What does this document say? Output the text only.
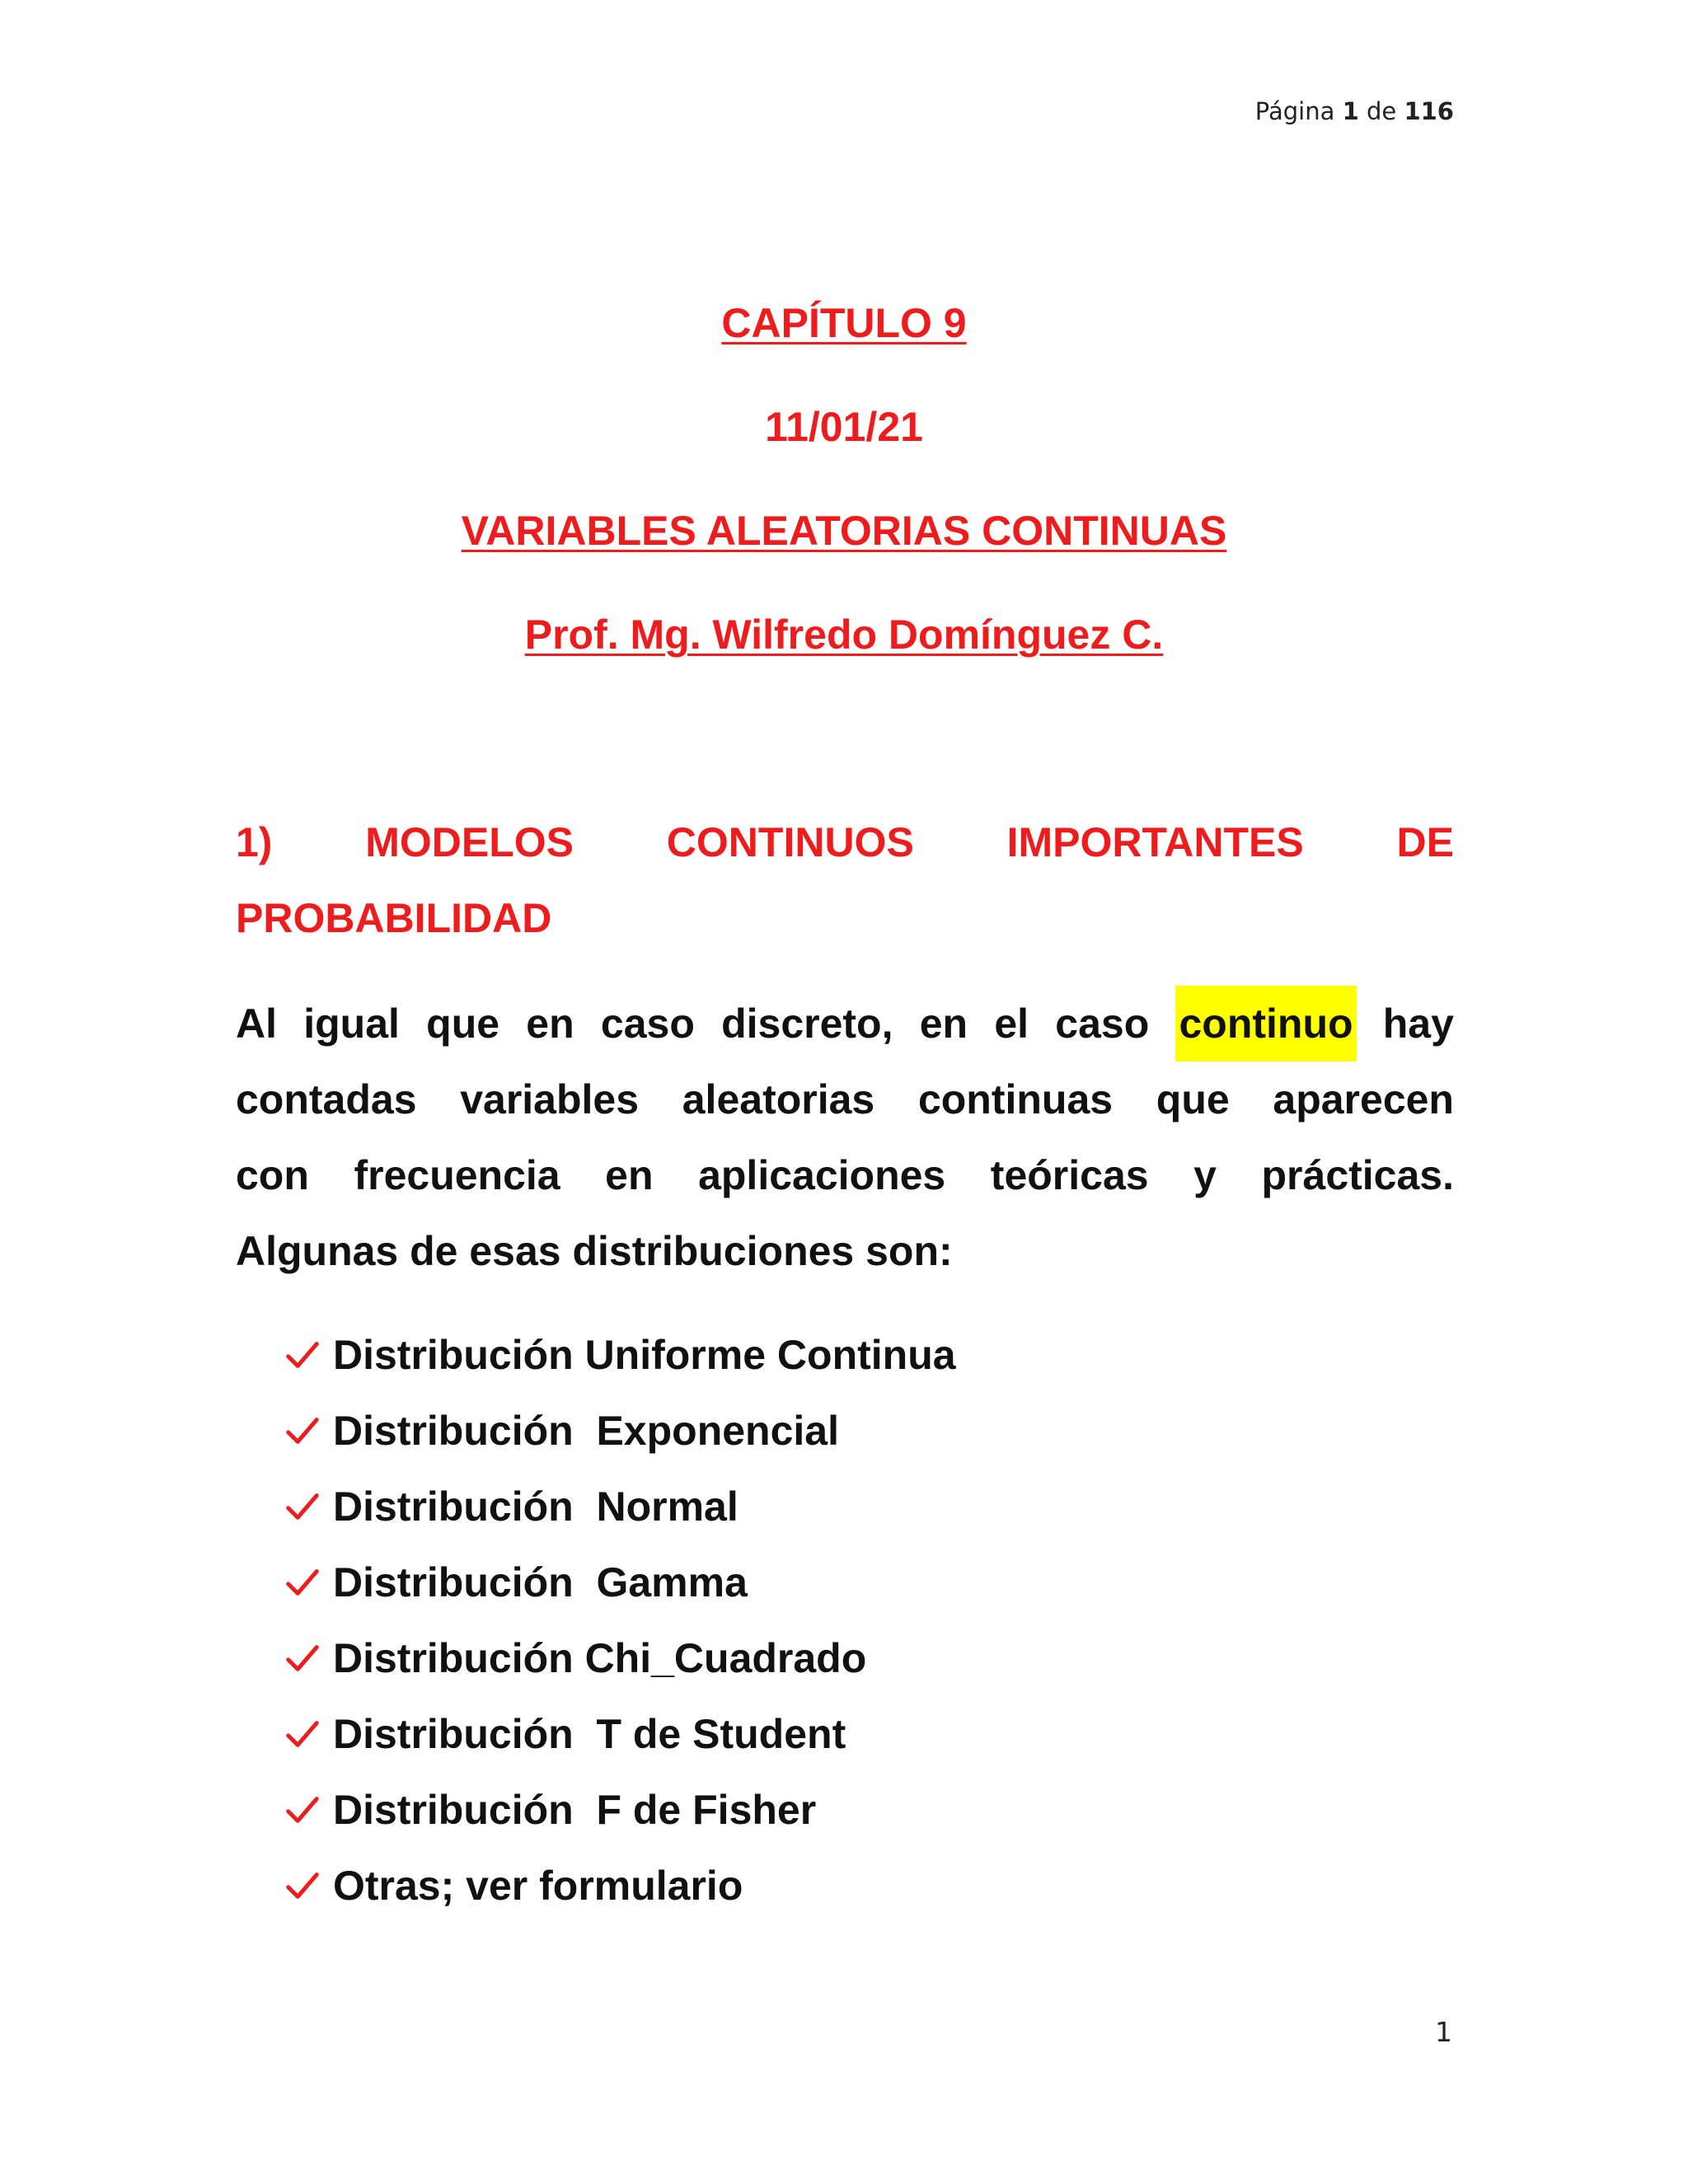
Página 1 de 116
CAPÍTULO 9
11/01/21
VARIABLES ALEATORIAS CONTINUAS
Prof. Mg. Wilfredo Domínguez C.
1) MODELOS CONTINUOS IMPORTANTES DE
PROBABILIDAD
Al igual que en caso discreto, en el caso continuo hay
contadas variables aleatorias continuas que aparecen
con frecuencia en aplicaciones teóricas y prácticas.
Algunas de esas distribuciones son:
Distribución Uniforme Continua
Distribución  Exponencial
Distribución  Normal
Distribución  Gamma
Distribución Chi_Cuadrado
Distribución  T de Student
Distribución  F de Fisher
Otras; ver formulario
1
